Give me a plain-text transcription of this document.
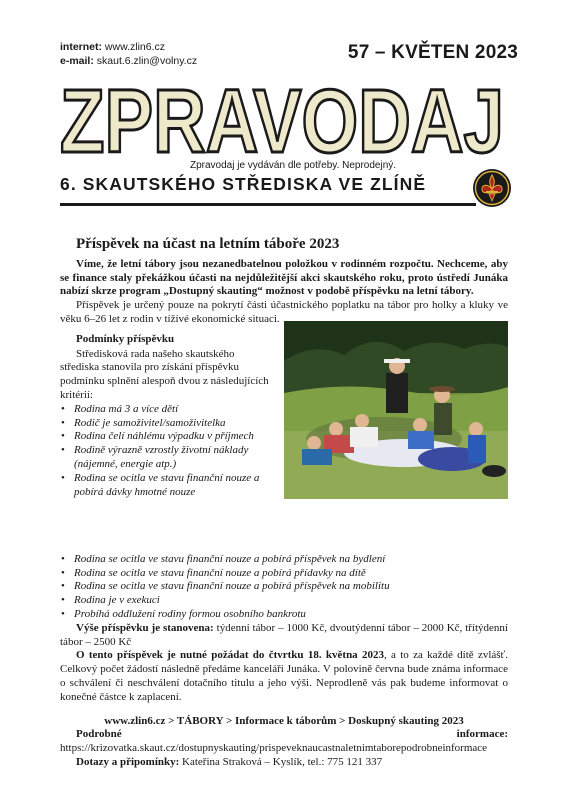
internet: www.zlin6.cz
e-mail: skaut.6.zlin@volny.cz	57 – KVĚTEN 2023
ZPRAVODAJ
Zpravodaj je vydáván dle potřeby. Neprodejný.
6. SKAUTSKÉHO STŘEDISKA VE ZLÍNĚ
Příspěvek na účast na letním táboře 2023

Víme, že letní tábory jsou nezanedbatelnou položkou v rodinném rozpočtu. Nechceme, aby se finance staly překážkou účasti na nejdůležitější akci skautského roku, proto ústředí Junáka nabízí skrze program „Dostupný skauting“ možnost v podobě příspěvku na letní tábory.

Příspěvek je určený pouze na pokrytí části účastnického poplatku na tábor pro holky a kluky ve věku 6–26 let z rodin v tížívé ekonomické situaci.

Podmínky příspěvku

Středisková rada našeho skautského střediska stanovila pro získání příspěvku podmínku splnění alespoň dvou z následujících kritérií:

• Rodina má 3 a více dětí
• Rodič je samoživitel/samoživitelka
• Rodina čelí náhlému výpadku v příjmech
• Rodině výrazně vzrostly životní náklady (nájemné, energie atp.)
• Rodina se ocitla ve stavu finanční nouze a pobírá dávky hmotné nouze
• Rodina se ocitla ve stavu finanční nouze a pobírá příspěvek na bydlení
• Rodina se ocitla ve stavu finanční nouze a pobírá přídavky na dítě
• Rodina se ocitla ve stavu finanční nouze a pobírá příspěvek na mobilitu
• Rodina je v exekuci
• Probíhá oddlužení rodiny formou osobního bankrotu

Výše příspěvku je stanovena: týdenní tábor – 1000 Kč, dvoutýdenní tábor – 2000 Kč, třítýdenní tábor – 2500 Kč

O tento příspěvek je nutné požádat do čtvrtku 18. května 2023, a to za každé dítě zvlášť. Celkový počet žádostí následně předáme kanceláři Junáka. V polovině června bude známa informace o schválení či neschválení dotačního titulu a jeho výši. Neprodleně vás pak budeme informovat o konečné částce k zaplacení.

www.zlin6.cz > TÁBORY > Informace k táborům > Doskupný skauting 2023

Podrobné informace: https://krizovatka.skaut.cz/dostupnyskauting/prispeveknaucastnaletnimtaborepodrobneinformace

Dotazy a připomínky: Kateřina Straková – Kyslík, tel.: 775 121 337
